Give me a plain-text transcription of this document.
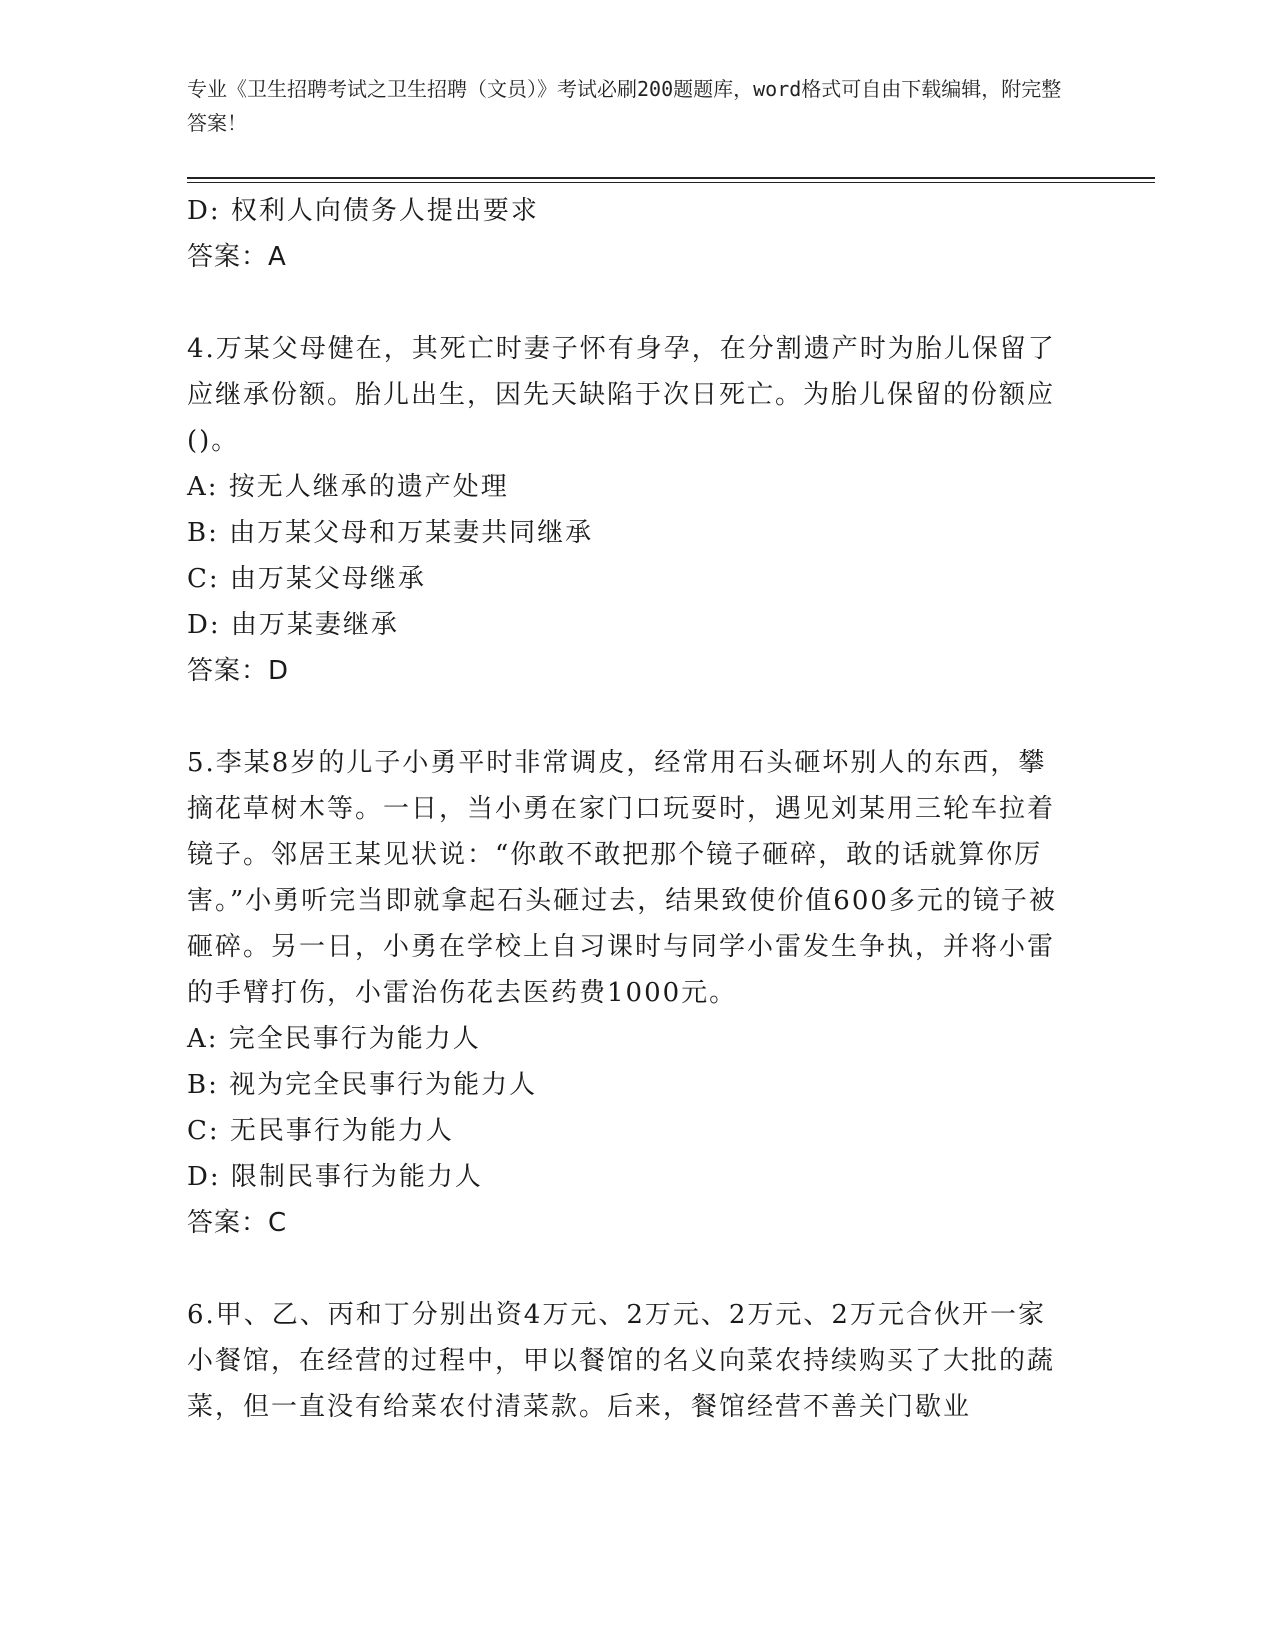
专业《卫生招聘考试之卫生招聘（文员）》考试必刷200题题库，word格式可自由下载编辑，附完整答案！
D: 权利人向债务人提出要求
答案：A
4.万某父母健在，其死亡时妻子怀有身孕，在分割遗产时为胎儿保留了应继承份额。胎儿出生，因先天缺陷于次日死亡。为胎儿保留的份额应()。
A: 按无人继承的遗产处理
B: 由万某父母和万某妻共同继承
C: 由万某父母继承
D: 由万某妻继承
答案：D
5.李某8岁的儿子小勇平时非常调皮，经常用石头砸坏别人的东西，攀摘花草树木等。一日，当小勇在家门口玩耍时，遇见刘某用三轮车拉着镜子。邻居王某见状说：“你敢不敢把那个镜子砸碎，敢的话就算你厉害。”小勇听完当即就拿起石头砸过去，结果致使价值600多元的镜子被砸碎。另一日，小勇在学校上自习课时与同学小雷发生争执，并将小雷的手臂打伤，小雷治伤花去医药费1000元。
A: 完全民事行为能力人
B: 视为完全民事行为能力人
C: 无民事行为能力人
D: 限制民事行为能力人
答案：C
6.甲、乙、丙和丁分别出资4万元、2万元、2万元、2万元合伙开一家小餐馆，在经营的过程中，甲以餐馆的名义向菜农持续购买了大批的蔬菜，但一直没有给菜农付清菜款。后来，餐馆经营不善关门歇业
